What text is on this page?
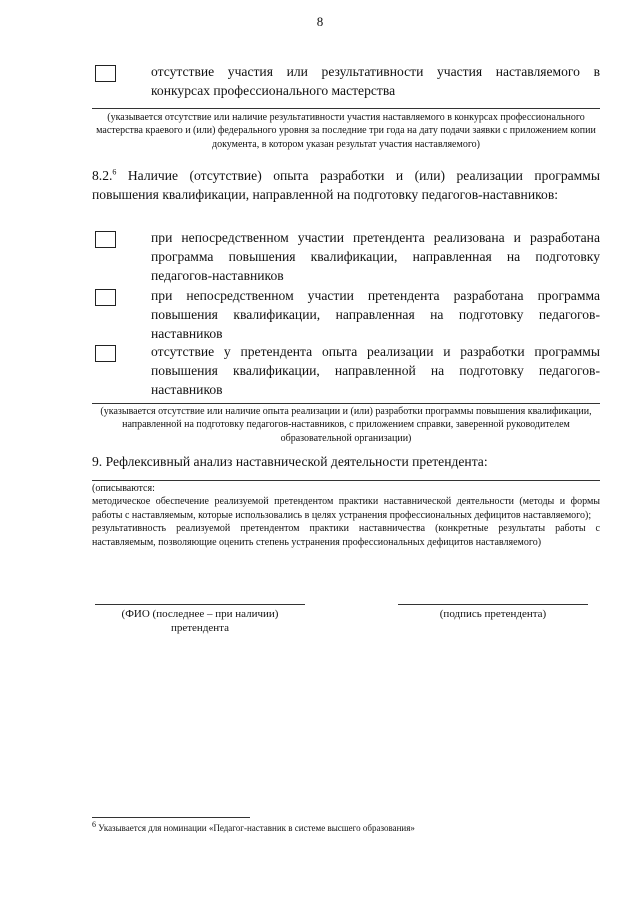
8
отсутствие участия или результативности участия наставляемого в конкурсах профессионального мастерства
(указывается отсутствие или наличие результативности участия наставляемого в конкурсах профессионального мастерства краевого и (или) федерального уровня за последние три года на дату подачи заявки с приложением копии документа, в котором указан результат участия наставляемого)
8.2.$^6$ Наличие (отсутствие) опыта разработки и (или) реализации программы повышения квалификации, направленной на подготовку педагогов-наставников:
при непосредственном участии претендента реализована и разработана программа повышения квалификации, направленная на подготовку педагогов-наставников
при непосредственном участии претендента разработана программа повышения квалификации, направленная на подготовку педагогов-наставников
отсутствие у претендента опыта реализации и разработки программы повышения квалификации, направленной на подготовку педагогов-наставников
(указывается отсутствие или наличие опыта реализации и (или) разработки программы повышения квалификации, направленной на подготовку педагогов-наставников, с приложением справки, заверенной руководителем образовательной организации)
9. Рефлексивный анализ наставнической деятельности претендента:
(описываются:
методическое обеспечение реализуемой претендентом практики наставнической деятельности (методы и формы работы с наставляемым, которые использовались в целях устранения профессиональных дефицитов наставляемого);
результативность реализуемой претендентом практики наставничества (конкретные результаты работы с наставляемым, позволяющие оценить степень устранения профессиональных дефицитов наставляемого)
(ФИО (последнее – при наличии)
претендента
(подпись претендента)
$^6$ Указывается для номинации «Педагог-наставник в системе высшего образования»
